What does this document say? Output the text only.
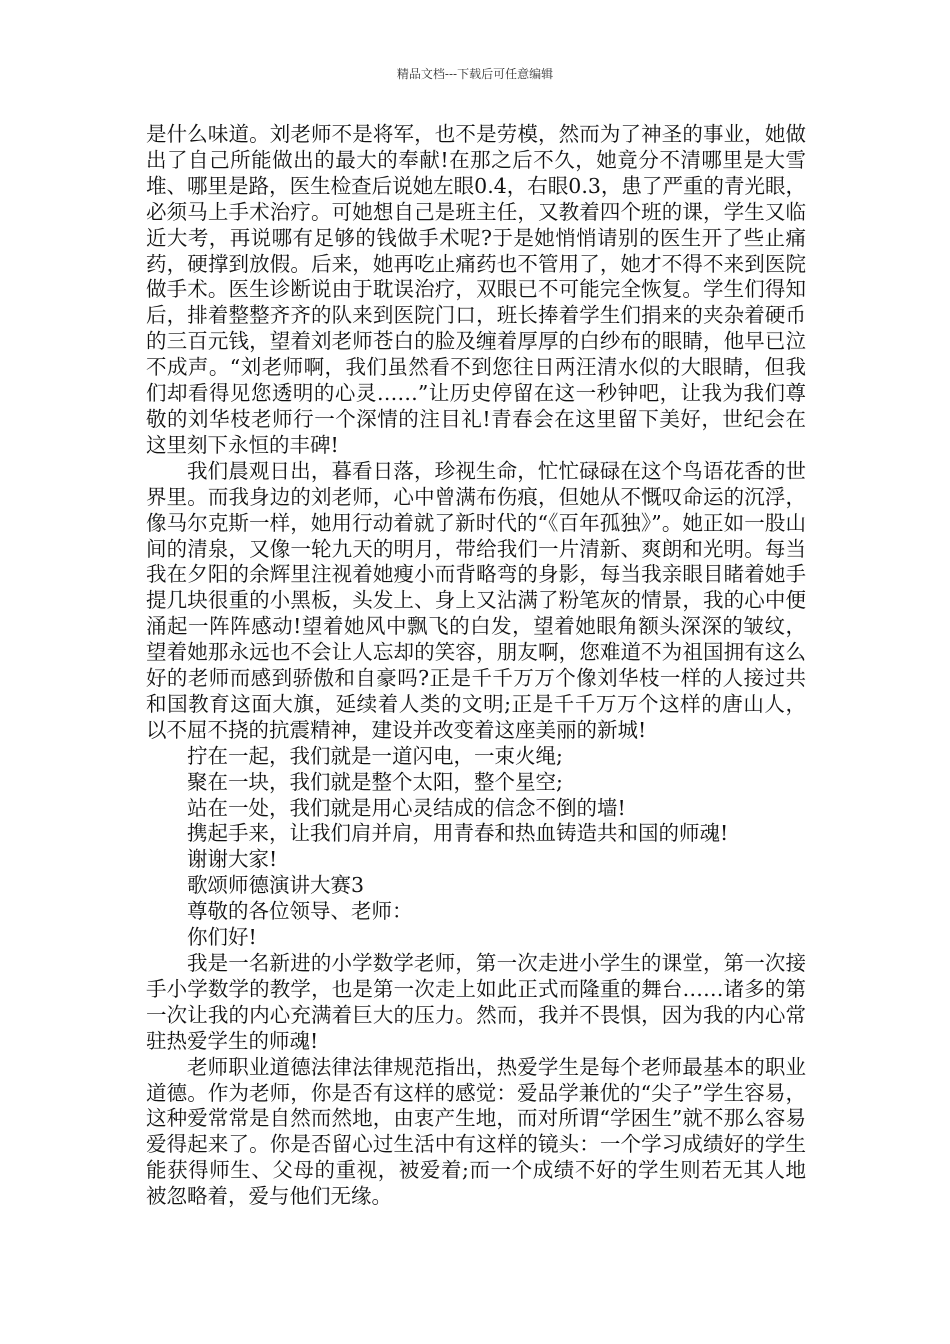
精品文档---下载后可任意编辑

是什么味道。刘老师不是将军，也不是劳模，然而为了神圣的事业，她做出了自己所能做出的最大的奉献!在那之后不久，她竟分不清哪里是大雪堆、哪里是路，医生检查后说她左眼0.4，右眼0.3，患了严重的青光眼，必须马上手术治疗。可她想自己是班主任，又教着四个班的课，学生又临近大考，再说哪有足够的钱做手术呢?于是她悄悄请别的医生开了些止痛药，硬撑到放假。后来，她再吃止痛药也不管用了，她才不得不来到医院做手术。医生诊断说由于耽误治疗，双眼已不可能完全恢复。学生们得知后，排着整整齐齐的队来到医院门口，班长捧着学生们捐来的夹杂着硬币的三百元钱，望着刘老师苍白的脸及缠着厚厚的白纱布的眼睛，他早已泣不成声。“刘老师啊，我们虽然看不到您往日两汪清水似的大眼睛，但我们却看得见您透明的心灵……”让历史停留在这一秒钟吧，让我为我们尊敬的刘华枝老师行一个深情的注目礼!青春会在这里留下美好，世纪会在这里刻下永恒的丰碑!

我们晨观日出，暮看日落，珍视生命，忙忙碌碌在这个鸟语花香的世界里。而我身边的刘老师，心中曾满布伤痕，但她从不慨叹命运的沉浮，像马尔克斯一样，她用行动着就了新时代的“《百年孤独》”。她正如一股山间的清泉，又像一轮九天的明月，带给我们一片清新、爽朗和光明。每当我在夕阳的余辉里注视着她瘦小而背略弯的身影，每当我亲眼目睹着她手提几块很重的小黑板，头发上、身上又沾满了粉笔灰的情景，我的心中便涌起一阵阵感动!望着她风中飘飞的白发，望着她眼角额头深深的皱纹，望着她那永远也不会让人忘却的笑容，朋友啊，您难道不为祖国拥有这么好的老师而感到骄傲和自豪吗?正是千千万万个像刘华枝一样的人接过共和国教育这面大旗，延续着人类的文明;正是千千万万个这样的唐山人，以不屈不挠的抗震精神，建设并改变着这座美丽的新城!

拧在一起，我们就是一道闪电，一束火绳;

聚在一块，我们就是整个太阳，整个星空;

站在一处，我们就是用心灵结成的信念不倒的墙!

携起手来，让我们肩并肩，用青春和热血铸造共和国的师魂!

谢谢大家!

歌颂师德演讲大赛3

尊敬的各位领导、老师：

你们好!

我是一名新进的小学数学老师，第一次走进小学生的课堂，第一次接手小学数学的教学，也是第一次走上如此正式而隆重的舞台……诸多的第一次让我的内心充满着巨大的压力。然而，我并不畏惧，因为我的内心常驻热爱学生的师魂!

老师职业道德法律法律规范指出，热爱学生是每个老师最基本的职业道德。作为老师，你是否有这样的感觉：爱品学兼优的“尖子”学生容易，这种爱常常是自然而然地，由衷产生地，而对所谓“学困生”就不那么容易爱得起来了。你是否留心过生活中有这样的镜头：一个学习成绩好的学生能获得师生、父母的重视，被爱着;而一个成绩不好的学生则若无其人地被忽略着，爱与他们无缘。
